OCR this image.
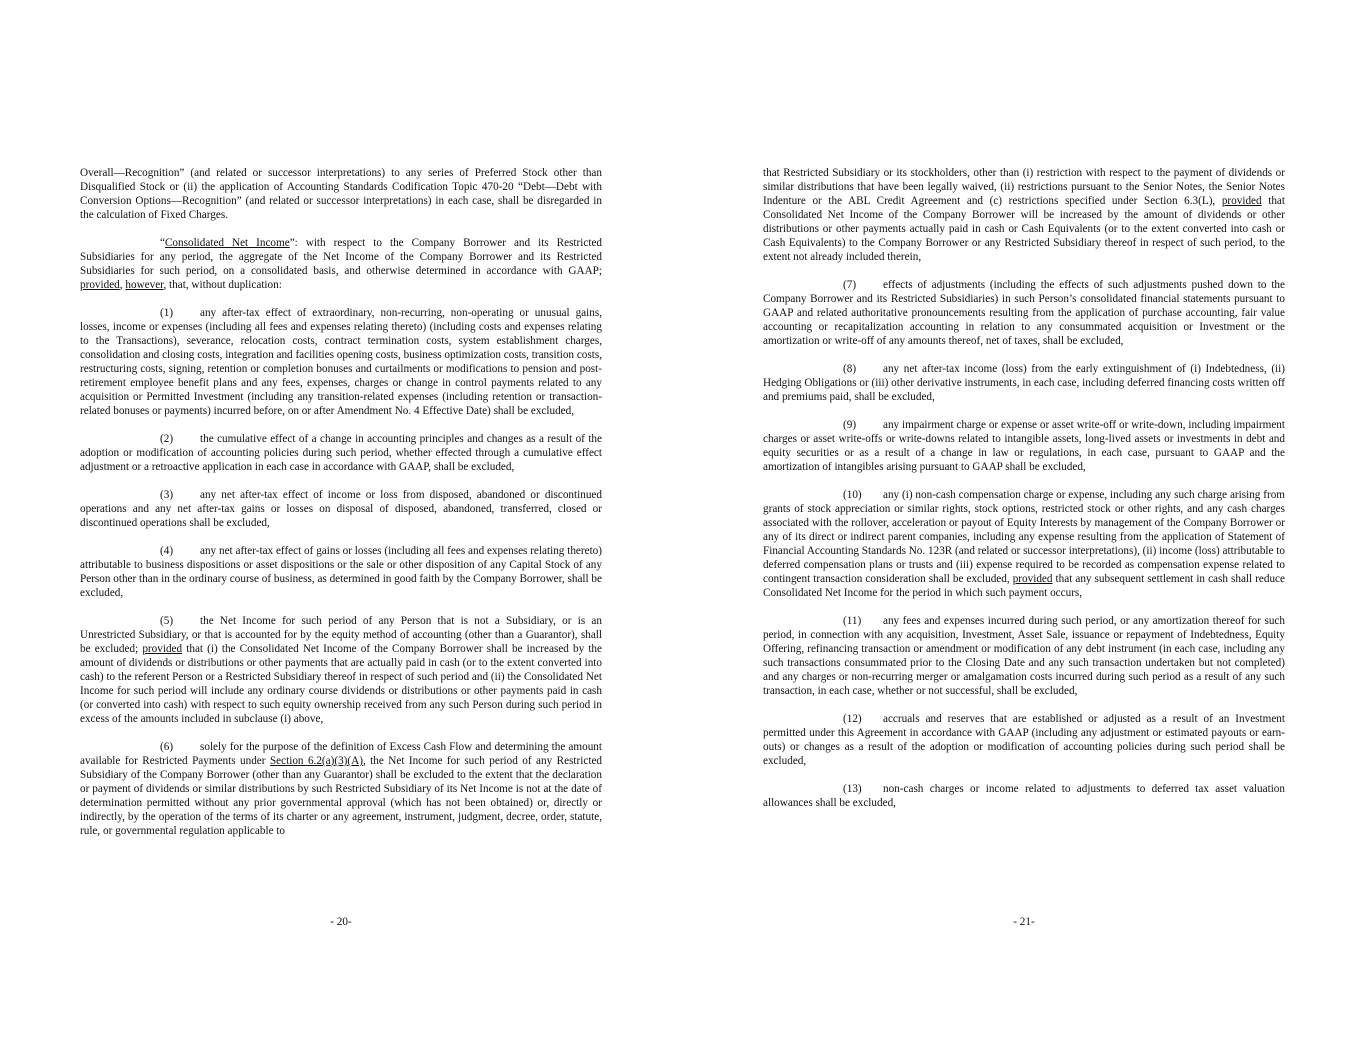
Overall—Recognition” (and related or successor interpretations) to any series of Preferred Stock other than Disqualified Stock or (ii) the application of Accounting Standards Codification Topic 470-20 “Debt—Debt with Conversion Options—Recognition” (and related or successor interpretations) in each case, shall be disregarded in the calculation of Fixed Charges.

“Consolidated Net Income”: with respect to the Company Borrower and its Restricted Subsidiaries for any period, the aggregate of the Net Income of the Company Borrower and its Restricted Subsidiaries for such period, on a consolidated basis, and otherwise determined in accordance with GAAP; provided, however, that, without duplication:

(1) any after-tax effect of extraordinary, non-recurring, non-operating or unusual gains, losses, income or expenses (including all fees and expenses relating thereto) (including costs and expenses relating to the Transactions), severance, relocation costs, contract termination costs, system establishment charges, consolidation and closing costs, integration and facilities opening costs, business optimization costs, transition costs, restructuring costs, signing, retention or completion bonuses and curtailments or modifications to pension and post-retirement employee benefit plans and any fees, expenses, charges or change in control payments related to any acquisition or Permitted Investment (including any transition-related expenses (including retention or transaction-related bonuses or payments) incurred before, on or after Amendment No. 4 Effective Date) shall be excluded,

(2) the cumulative effect of a change in accounting principles and changes as a result of the adoption or modification of accounting policies during such period, whether effected through a cumulative effect adjustment or a retroactive application in each case in accordance with GAAP, shall be excluded,

(3) any net after-tax effect of income or loss from disposed, abandoned or discontinued operations and any net after-tax gains or losses on disposal of disposed, abandoned, transferred, closed or discontinued operations shall be excluded,

(4) any net after-tax effect of gains or losses (including all fees and expenses relating thereto) attributable to business dispositions or asset dispositions or the sale or other disposition of any Capital Stock of any Person other than in the ordinary course of business, as determined in good faith by the Company Borrower, shall be excluded,

(5) the Net Income for such period of any Person that is not a Subsidiary, or is an Unrestricted Subsidiary, or that is accounted for by the equity method of accounting (other than a Guarantor), shall be excluded; provided that (i) the Consolidated Net Income of the Company Borrower shall be increased by the amount of dividends or distributions or other payments that are actually paid in cash (or to the extent converted into cash) to the referent Person or a Restricted Subsidiary thereof in respect of such period and (ii) the Consolidated Net Income for such period will include any ordinary course dividends or distributions or other payments paid in cash (or converted into cash) with respect to such equity ownership received from any such Person during such period in excess of the amounts included in subclause (i) above,

(6) solely for the purpose of the definition of Excess Cash Flow and determining the amount available for Restricted Payments under Section 6.2(a)(3)(A), the Net Income for such period of any Restricted Subsidiary of the Company Borrower (other than any Guarantor) shall be excluded to the extent that the declaration or payment of dividends or similar distributions by such Restricted Subsidiary of its Net Income is not at the date of determination permitted without any prior governmental approval (which has not been obtained) or, directly or indirectly, by the operation of the terms of its charter or any agreement, instrument, judgment, decree, order, statute, rule, or governmental regulation applicable to

- 20-

that Restricted Subsidiary or its stockholders, other than (i) restriction with respect to the payment of dividends or similar distributions that have been legally waived, (ii) restrictions pursuant to the Senior Notes, the Senior Notes Indenture or the ABL Credit Agreement and (c) restrictions specified under Section 6.3(L), provided that Consolidated Net Income of the Company Borrower will be increased by the amount of dividends or other distributions or other payments actually paid in cash or Cash Equivalents (or to the extent converted into cash or Cash Equivalents) to the Company Borrower or any Restricted Subsidiary thereof in respect of such period, to the extent not already included therein,

(7) effects of adjustments (including the effects of such adjustments pushed down to the Company Borrower and its Restricted Subsidiaries) in such Person’s consolidated financial statements pursuant to GAAP and related authoritative pronouncements resulting from the application of purchase accounting, fair value accounting or recapitalization accounting in relation to any consummated acquisition or Investment or the amortization or write-off of any amounts thereof, net of taxes, shall be excluded,

(8) any net after-tax income (loss) from the early extinguishment of (i) Indebtedness, (ii) Hedging Obligations or (iii) other derivative instruments, in each case, including deferred financing costs written off and premiums paid, shall be excluded,

(9) any impairment charge or expense or asset write-off or write-down, including impairment charges or asset write-offs or write-downs related to intangible assets, long-lived assets or investments in debt and equity securities or as a result of a change in law or regulations, in each case, pursuant to GAAP and the amortization of intangibles arising pursuant to GAAP shall be excluded,

(10) any (i) non-cash compensation charge or expense, including any such charge arising from grants of stock appreciation or similar rights, stock options, restricted stock or other rights, and any cash charges associated with the rollover, acceleration or payout of Equity Interests by management of the Company Borrower or any of its direct or indirect parent companies, including any expense resulting from the application of Statement of Financial Accounting Standards No. 123R (and related or successor interpretations), (ii) income (loss) attributable to deferred compensation plans or trusts and (iii) expense required to be recorded as compensation expense related to contingent transaction consideration shall be excluded, provided that any subsequent settlement in cash shall reduce Consolidated Net Income for the period in which such payment occurs,

(11) any fees and expenses incurred during such period, or any amortization thereof for such period, in connection with any acquisition, Investment, Asset Sale, issuance or repayment of Indebtedness, Equity Offering, refinancing transaction or amendment or modification of any debt instrument (in each case, including any such transactions consummated prior to the Closing Date and any such transaction undertaken but not completed) and any charges or non-recurring merger or amalgamation costs incurred during such period as a result of any such transaction, in each case, whether or not successful, shall be excluded,

(12) accruals and reserves that are established or adjusted as a result of an Investment permitted under this Agreement in accordance with GAAP (including any adjustment or estimated payouts or earn-outs) or changes as a result of the adoption or modification of accounting policies during such period shall be excluded,

(13) non-cash charges or income related to adjustments to deferred tax asset valuation allowances shall be excluded,

- 21-
